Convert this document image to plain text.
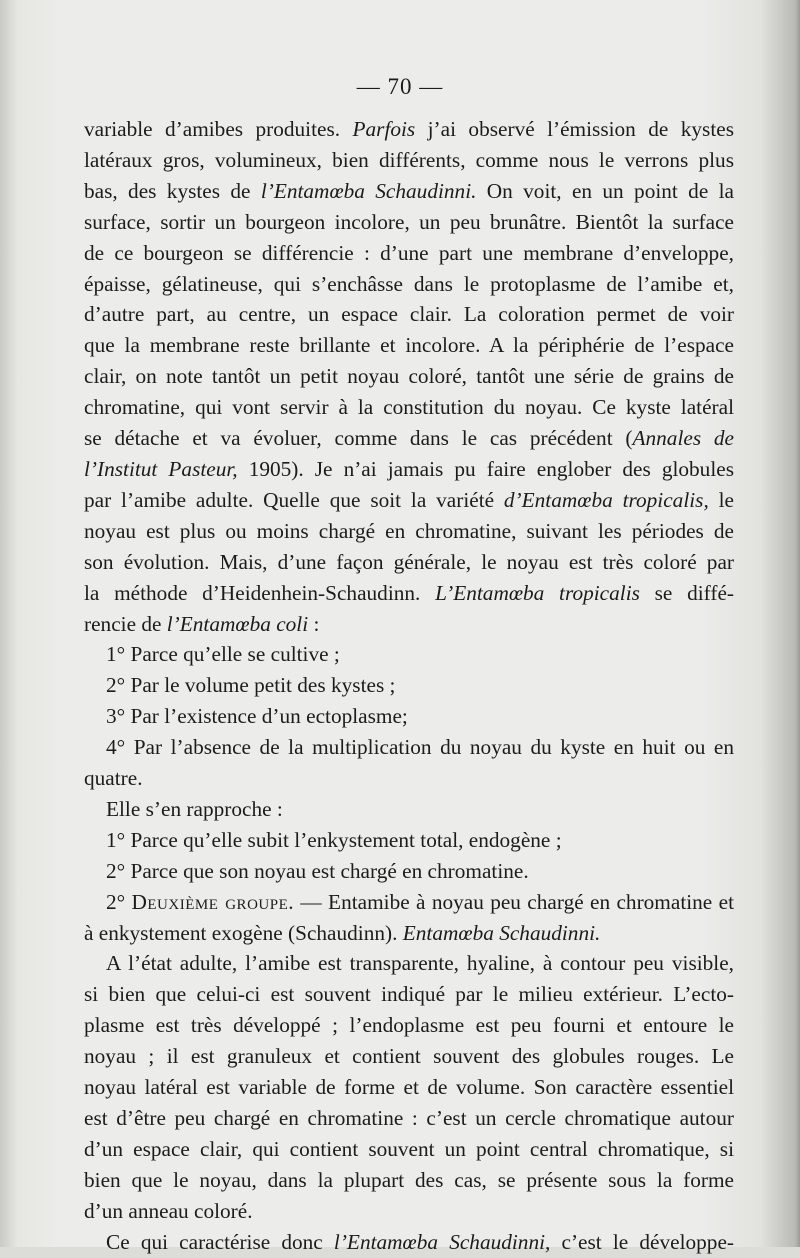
— 70 —

variable d’amibes produites. Parfois j’ai observé l’émission de kystes

latéraux gros, volumineux, bien différents, comme nous le verrons plus

bas, des kystes de l’Entamœba Schaudinni. On voit, en un point de la

surface, sortir un bourgeon incolore, un peu brunâtre. Bientôt la surface

de ce bourgeon se différencie : d’une part une membrane d’enveloppe,

épaisse, gélatineuse, qui s’enchâsse dans le protoplasme de l’amibe et,

d’autre part, au centre, un espace clair. La coloration permet de voir

que la membrane reste brillante et incolore. A la périphérie de l’espace

clair, on note tantôt un petit noyau coloré, tantôt une série de grains de

chromatine, qui vont servir à la constitution du noyau. Ce kyste latéral

se détache et va évoluer, comme dans le cas précédent (Annales de

l’Institut Pasteur, 1905). Je n’ai jamais pu faire englober des globules

par l’amibe adulte. Quelle que soit la variété d’Entamœba tropicalis, le

noyau est plus ou moins chargé en chromatine, suivant les périodes de

son évolution. Mais, d’une façon générale, le noyau est très coloré par

la méthode d’Heidenhein-Schaudinn. L’Entamœba tropicalis se diffé-

rencie de l’Entamœba coli :

1° Parce qu’elle se cultive ;

2° Par le volume petit des kystes ;

3° Par l’existence d’un ectoplasme;

4° Par l’absence de la multiplication du noyau du kyste en huit ou en

quatre.

Elle s’en rapproche :

1° Parce qu’elle subit l’enkystement total, endogène ;

2° Parce que son noyau est chargé en chromatine.

2° Deuxième groupe. — Entamibe à noyau peu chargé en chromatine et

à enkystement exogène (Schaudinn). Entamœba Schaudinni.

A l’état adulte, l’amibe est transparente, hyaline, à contour peu visible,

si bien que celui-ci est souvent indiqué par le milieu extérieur. L’ecto-

plasme est très développé ; l’endoplasme est peu fourni et entoure le

noyau ; il est granuleux et contient souvent des globules rouges. Le

noyau latéral est variable de forme et de volume. Son caractère essentiel

est d’être peu chargé en chromatine : c’est un cercle chromatique autour

d’un espace clair, qui contient souvent un point central chromatique, si

bien que le noyau, dans la plupart des cas, se présente sous la forme

d’un anneau coloré.

Ce qui caractérise donc l’Entamœba Schaudinni, c’est le développe-
